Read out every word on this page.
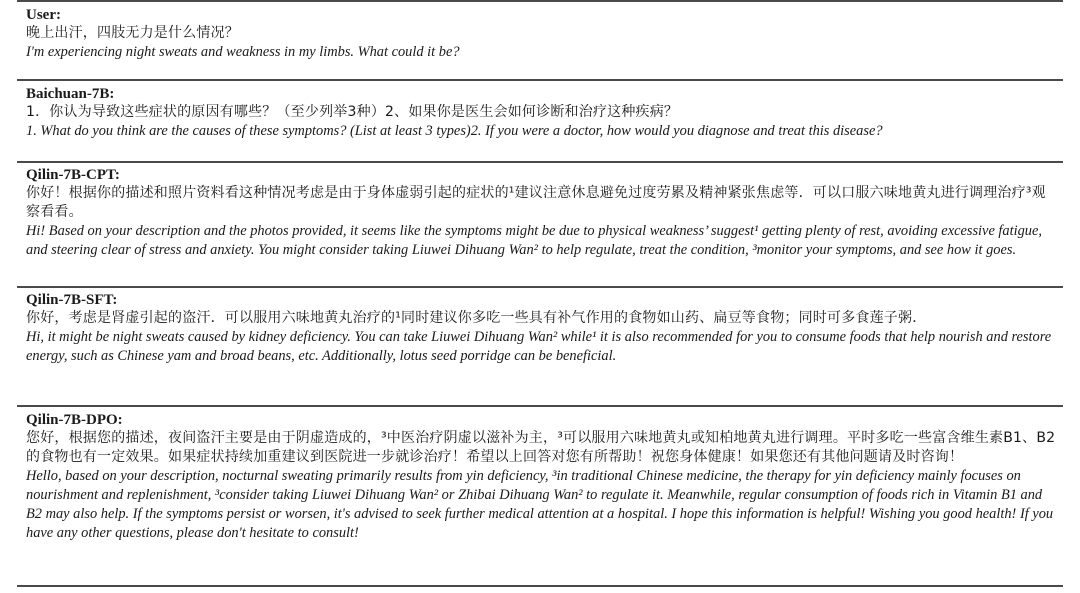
User:
晚上出汗，四肢无力是什么情况？
I'm experiencing night sweats and weakness in my limbs. What could it be?
Baichuan-7B:
1．你认为导致这些症状的原因有哪些？（至少列举3种）2、如果你是医生会如何诊断和治疗这种疾病？
1. What do you think are the causes of these symptoms? (List at least 3 types)2. If you were a doctor, how would you diagnose and treat this disease?
Qilin-7B-CPT:
你好！根据你的描述和照片资料看这种情况考虑是由于身体虚弱引起的症状的¹建议注意休息避免过度劳累及精神紧张焦虑等．可以口服六味地黄丸进行调理治疗³观察看看。
Hi! Based on your description and the photos provided, it seems like the symptoms might be due to physical weakness’ suggest¹ getting plenty of rest, avoiding excessive fatigue, and steering clear of stress and anxiety. You might consider taking Liuwei Dihuang Wan² to help regulate, treat the condition, ³monitor your symptoms, and see how it goes.
Qilin-7B-SFT:
你好，考虑是肾虚引起的盗汗．可以服用六味地黄丸治疗的¹同时建议你多吃一些具有补气作用的食物如山药、扁豆等食物；同时可多食莲子粥．
Hi, it might be night sweats caused by kidney deficiency. You can take Liuwei Dihuang Wan² while¹ it is also recommended for you to consume foods that help nourish and restore energy, such as Chinese yam and broad beans, etc. Additionally, lotus seed porridge can be beneficial.
Qilin-7B-DPO:
您好，根据您的描述，夜间盗汗主要是由于阴虚造成的，³中医治疗阴虚以滋补为主，³可以服用六味地黄丸或知柏地黄丸进行调理。平时多吃一些富含维生素B1、B2的食物也有一定效果。如果症状持续加重建议到医院进一步就诊治疗！希望以上回答对您有所帮助！祝您身体健康！如果您还有其他问题请及时咨询！
Hello, based on your description, nocturnal sweating primarily results from yin deficiency, ³in traditional Chinese medicine, the therapy for yin deficiency mainly focuses on nourishment and replenishment, ³consider taking Liuwei Dihuang Wan² or Zhibai Dihuang Wan² to regulate it. Meanwhile, regular consumption of foods rich in Vitamin B1 and B2 may also help. If the symptoms persist or worsen, it's advised to seek further medical attention at a hospital. I hope this information is helpful! Wishing you good health! If you have any other questions, please don't hesitate to consult!
